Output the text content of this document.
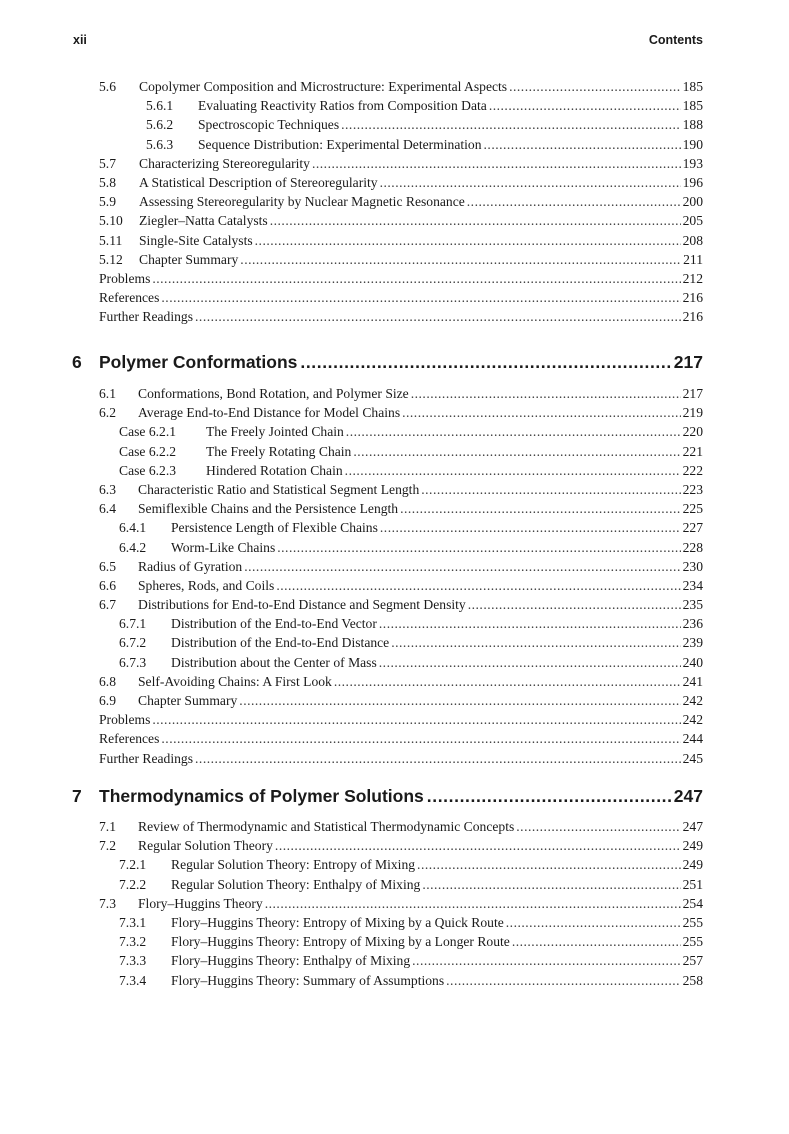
xii	Contents
5.6	Copolymer Composition and Microstructure: Experimental Aspects .....	185
5.6.1	Evaluating Reactivity Ratios from Composition Data .....	185
5.6.2	Spectroscopic Techniques .....	188
5.6.3	Sequence Distribution: Experimental Determination .....	190
5.7	Characterizing Stereoregularity .....	193
5.8	A Statistical Description of Stereoregularity .....	196
5.9	Assessing Stereoregularity by Nuclear Magnetic Resonance .....	200
5.10	Ziegler–Natta Catalysts .....	205
5.11	Single-Site Catalysts .....	208
5.12	Chapter Summary .....	211
Problems .....	212
References .....	216
Further Readings .....	216
6 Polymer Conformations .....	217
6.1	Conformations, Bond Rotation, and Polymer Size .....	217
6.2	Average End-to-End Distance for Model Chains .....	219
Case 6.2.1	The Freely Jointed Chain .....	220
Case 6.2.2	The Freely Rotating Chain .....	221
Case 6.2.3	Hindered Rotation Chain .....	222
6.3	Characteristic Ratio and Statistical Segment Length .....	223
6.4	Semiflexible Chains and the Persistence Length .....	225
6.4.1	Persistence Length of Flexible Chains .....	227
6.4.2	Worm-Like Chains .....	228
6.5	Radius of Gyration .....	230
6.6	Spheres, Rods, and Coils .....	234
6.7	Distributions for End-to-End Distance and Segment Density .....	235
6.7.1	Distribution of the End-to-End Vector .....	236
6.7.2	Distribution of the End-to-End Distance .....	239
6.7.3	Distribution about the Center of Mass .....	240
6.8	Self-Avoiding Chains: A First Look .....	241
6.9	Chapter Summary .....	242
Problems .....	242
References .....	244
Further Readings .....	245
7 Thermodynamics of Polymer Solutions .....	247
7.1	Review of Thermodynamic and Statistical Thermodynamic Concepts .....	247
7.2	Regular Solution Theory .....	249
7.2.1	Regular Solution Theory: Entropy of Mixing .....	249
7.2.2	Regular Solution Theory: Enthalpy of Mixing .....	251
7.3	Flory–Huggins Theory .....	254
7.3.1	Flory–Huggins Theory: Entropy of Mixing by a Quick Route .....	255
7.3.2	Flory–Huggins Theory: Entropy of Mixing by a Longer Route .....	255
7.3.3	Flory–Huggins Theory: Enthalpy of Mixing .....	257
7.3.4	Flory–Huggins Theory: Summary of Assumptions .....	258
